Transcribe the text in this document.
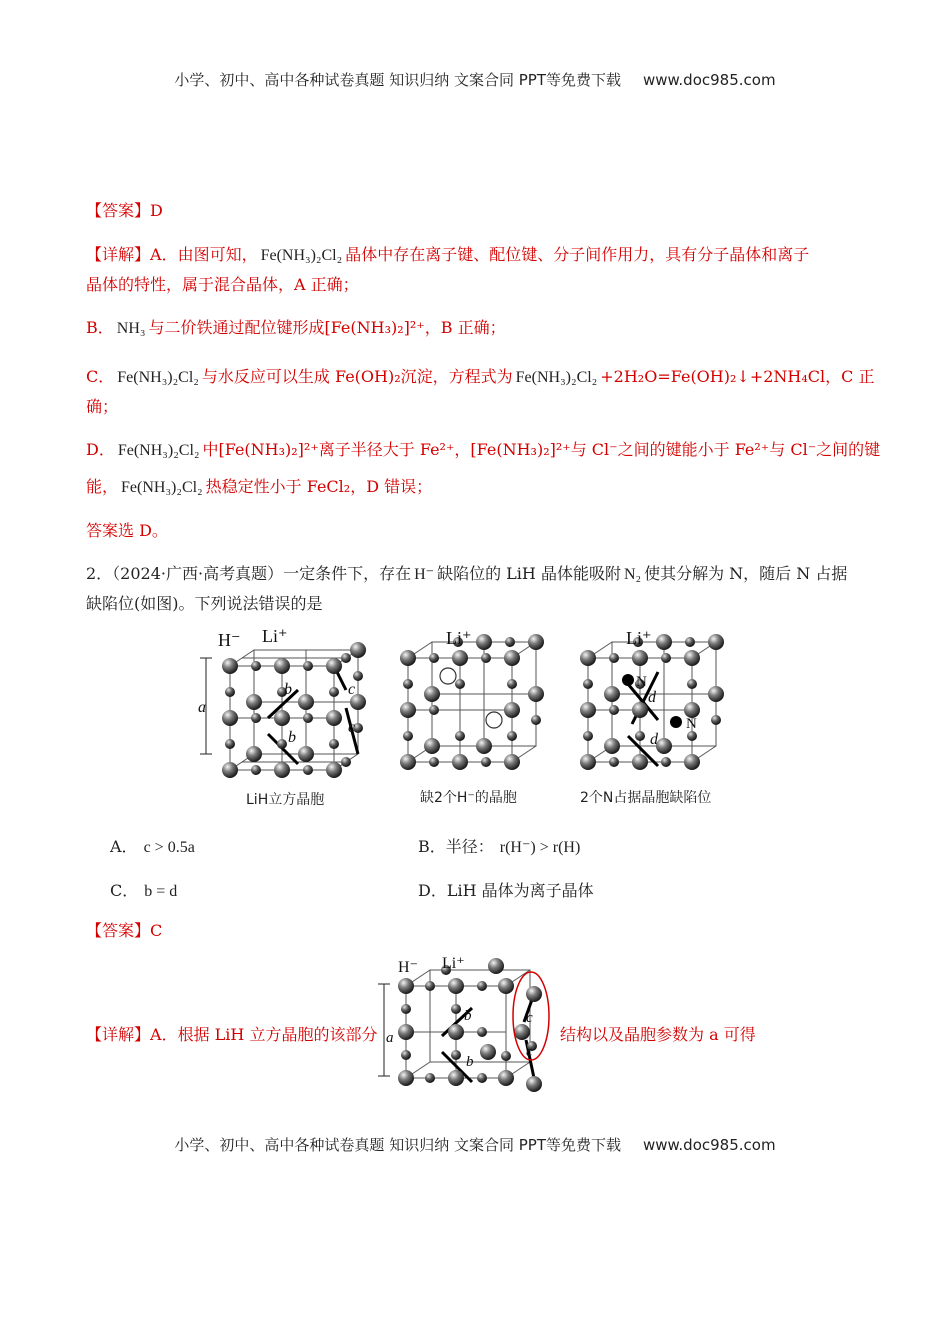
小学、初中、高中各种试卷真题 知识归纳 文案合同 PPT等免费下载 www.doc985.com
【答案】D
【详解】A．由图可知， Fe(NH₃)₂Cl₂ 晶体中存在离子键、配位键、分子间作用力，具有分子晶体和离子
晶体的特性，属于混合晶体，A 正确；
B． NH₃ 与二价铁通过配位键形成[Fe(NH₃)₂]²⁺，B 正确；
C． Fe(NH₃)₂Cl₂ 与水反应可以生成 Fe(OH)₂沉淀，方程式为 Fe(NH₃)₂Cl₂ +2H₂O=Fe(OH)₂↓+2NH₄Cl，C 正
确；
D． Fe(NH₃)₂Cl₂ 中[Fe(NH₃)₂]²⁺离子半径大于 Fe²⁺，[Fe(NH₃)₂]²⁺与 Cl⁻之间的键能小于 Fe²⁺与 Cl⁻之间的键
能， Fe(NH₃)₂Cl₂ 热稳定性小于 FeCl₂，D 错误；
答案选 D。
2．（2024·广西·高考真题）一定条件下，存在 H⁻ 缺陷位的 LiH 晶体能吸附 N₂ 使其分解为 N，随后 N 占据
缺陷位(如图)。下列说法错误的是
H⁻ Li⁺
a
b
b
c
c
LiH立方晶胞
Li⁺
缺2个H⁻的晶胞
Li⁺
N
N
d
d
2个N占据晶胞缺陷位
A． c > 0.5a	B．半径： r(H⁻) > r(H)
C． b = d	D．LiH 晶体为离子晶体
【答案】C
【详解】A．根据 LiH 立方晶胞的该部分	结构以及晶胞参数为 a 可得
H⁻ Li⁺
a
b
b
c
c
小学、初中、高中各种试卷真题 知识归纳 文案合同 PPT等免费下载 www.doc985.com
